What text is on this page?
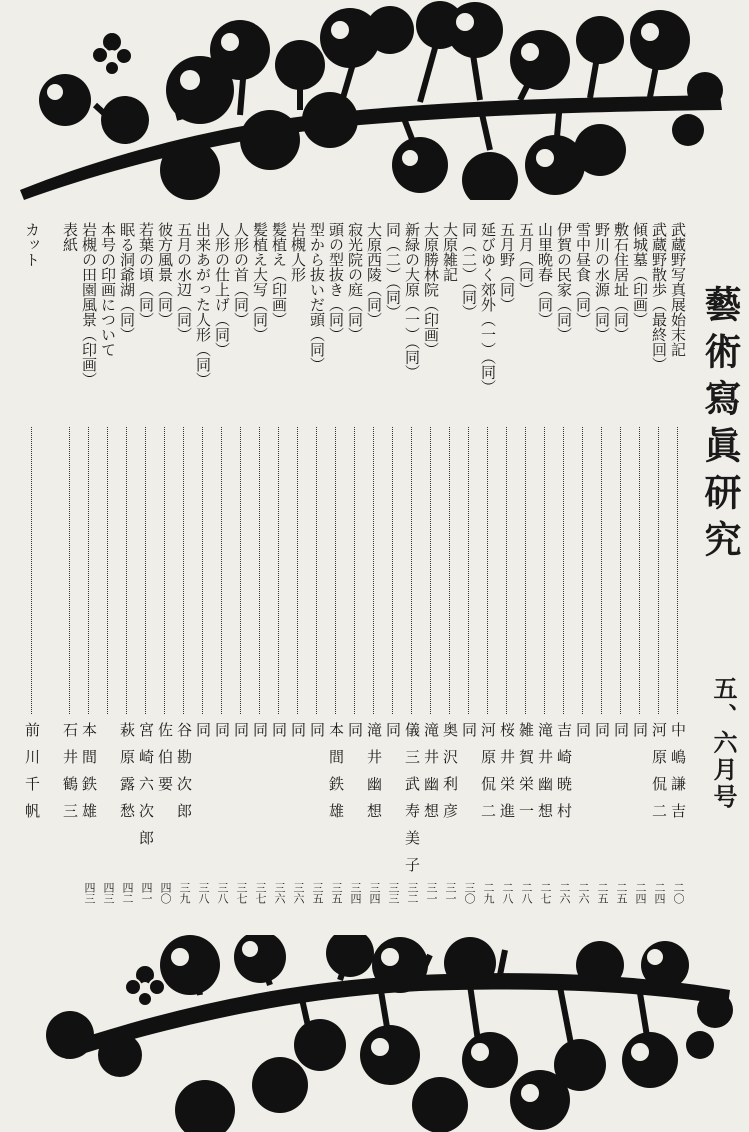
藝術寫眞研究
五、六月号
武蔵野写真展始末記
中嶋謙吉
二〇
武蔵野散歩（最終回）
河原侃二
二四
傾城墓（印画）
同
二四
敷石住居址（同）
同
二五
野川の水源（同）
同
二五
雪中昼食（同）
同
二六
伊賀の民家（同）
吉崎暁村
二六
山里晩春（同）
滝井幽想
二七
五月（同）
雑賀栄一
二八
五月野（同）
桜井栄進
二八
延びゆく郊外（一）（同）
河原侃二
二九
同（二）（同）
同
三〇
大原雑記
奥沢利彦
三一
大原勝林院（印画）
滝井幽想
三一
新緑の大原（一）（同）
儀三武寿美子
三二
同（二）（同）
同
三三
大原西陵（同）
滝井幽想
三四
寂光院の庭（同）
同
三四
頭の型抜き（同）
本間鉄雄
三五
型から抜いだ頭（同）
同
三五
岩槻人形
同
三六
髪植え（印画）
同
三六
髪植え大写（同）
同
三七
人形の首（同）
同
三七
人形の仕上げ（同）
同
三八
出来あがった人形（同）
同
三八
五月の水辺（同）
谷勘次郎
三九
彼方風景（同）
佐伯要
四〇
若葉の頃（同）
宮崎六次郎
四一
眠る洞爺湖（同）
萩原露愁
四二
本号の印画について
四三
岩槻の田園風景（印画）
本間鉄雄
四三
表紙
石井鶴三
カット
前川千帆
